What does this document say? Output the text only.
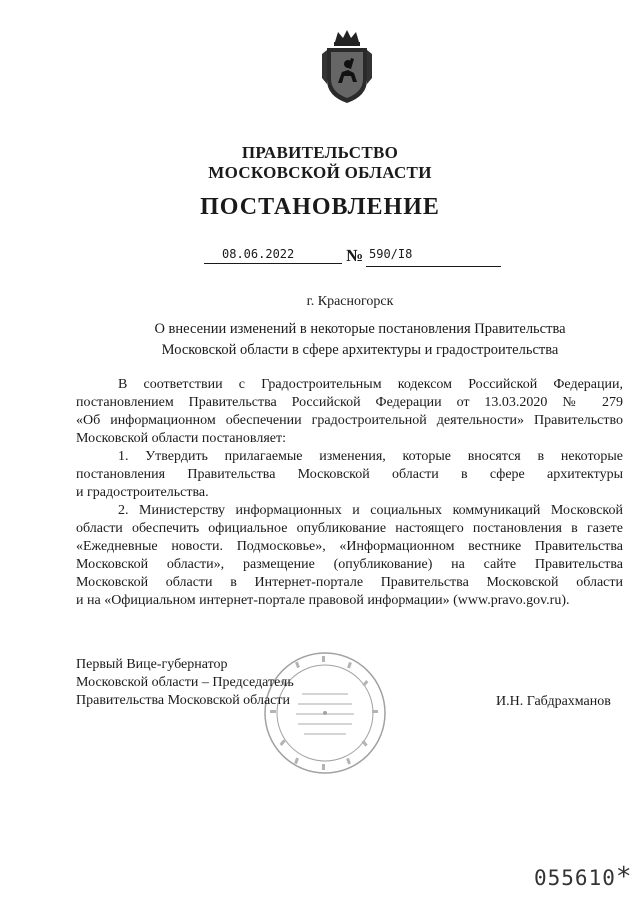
ПРАВИТЕЛЬСТВО
МОСКОВСКОЙ ОБЛАСТИ
ПОСТАНОВЛЕНИЕ
08.06.2022	№ 590/I8
г. Красногорск
О внесении изменений в некоторые постановления Правительства
Московской области в сфере архитектуры и градостроительства
В соответствии с Градостроительным кодексом Российской Федерации,
постановлением Правительства Российской Федерации от 13.03.2020 № 279
«Об информационном обеспечении градостроительной деятельности» Правительство
Московской области постановляет:
1. Утвердить прилагаемые изменения, которые вносятся в некоторые
постановления Правительства Московской области в сфере архитектуры
и градостроительства.
2. Министерству информационных и социальных коммуникаций Московской
области обеспечить официальное опубликование настоящего постановления в газете
«Ежедневные новости. Подмосковье», «Информационном вестнике Правительства
Московской области», размещение (опубликование) на сайте Правительства
Московской области в Интернет-портале Правительства Московской области
и на «Официальном интернет-портале правовой информации» (www.pravo.gov.ru).
Первый Вице-губернатор
Московской области – Председатель
Правительства Московской области	И.Н. Габдрахманов
055610*
